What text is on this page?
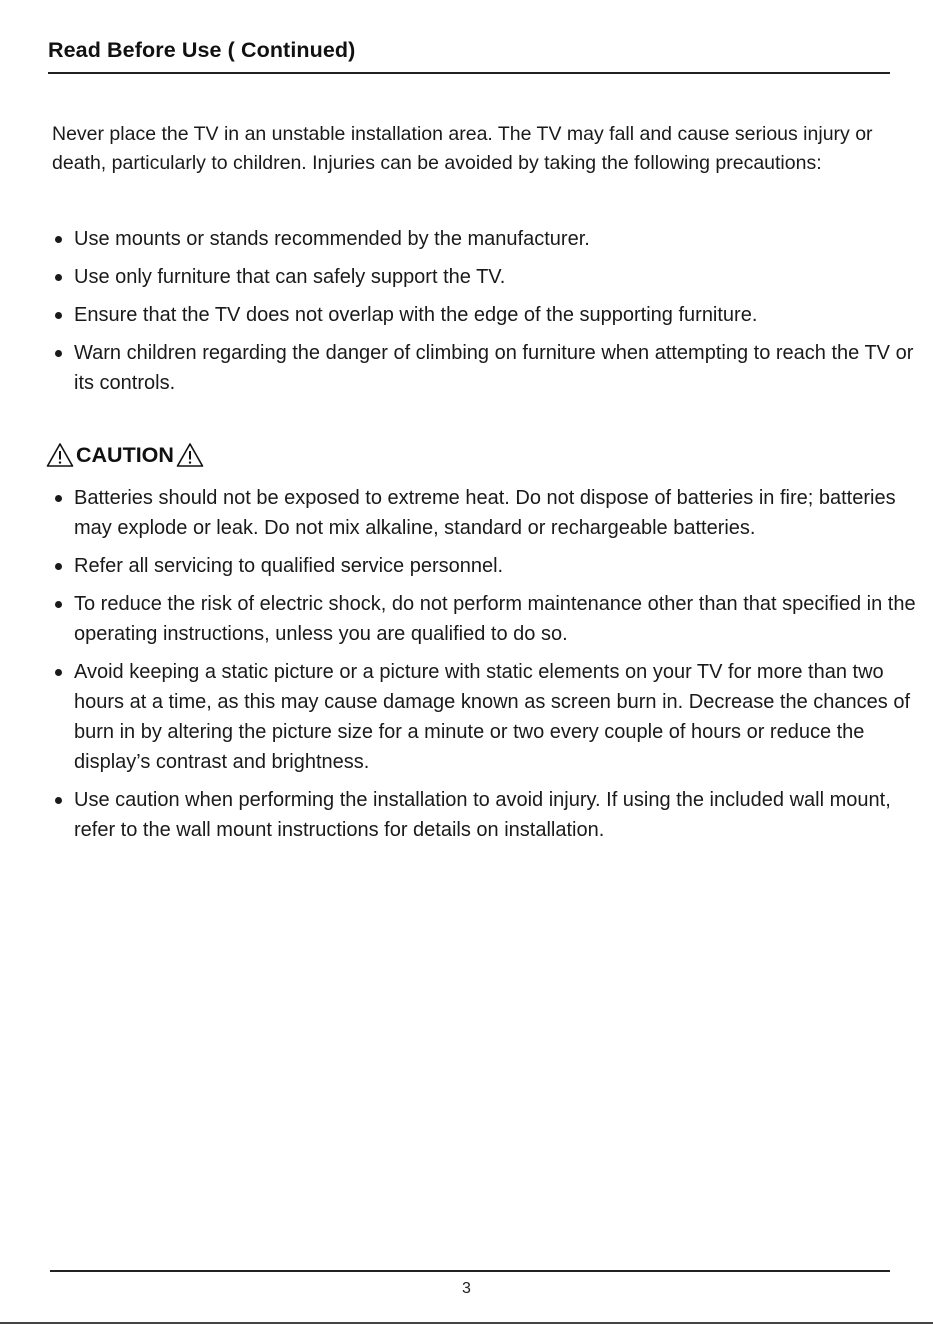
Read Before Use ( Continued)

Never place the TV in an unstable installation area. The TV may fall and cause serious injury or death, particularly to children. Injuries can be avoided by taking the following precautions:

Use mounts or stands recommended by the manufacturer.
Use only furniture that can safely support the TV.
Ensure that the TV does not overlap with the edge of the supporting furniture.
Warn children regarding the danger of climbing on furniture when attempting to reach the TV or its controls.
CAUTION
Batteries should not be exposed to extreme heat. Do not dispose of batteries in fire; batteries may explode or leak. Do not mix alkaline, standard or rechargeable batteries.
Refer all servicing to qualified service personnel.
To reduce the risk of electric shock, do not perform maintenance other than that specified in the operating instructions, unless you are qualified to do so.
Avoid keeping a static picture or a picture with static elements on your TV for more than two hours at a time, as this may cause damage known as screen burn in. Decrease the chances of burn in by altering the picture size for a minute or two every couple of hours or reduce the display’s contrast and brightness.
Use caution when performing the installation to avoid injury. If using the included wall mount, refer to the wall mount instructions for details on installation.
3
